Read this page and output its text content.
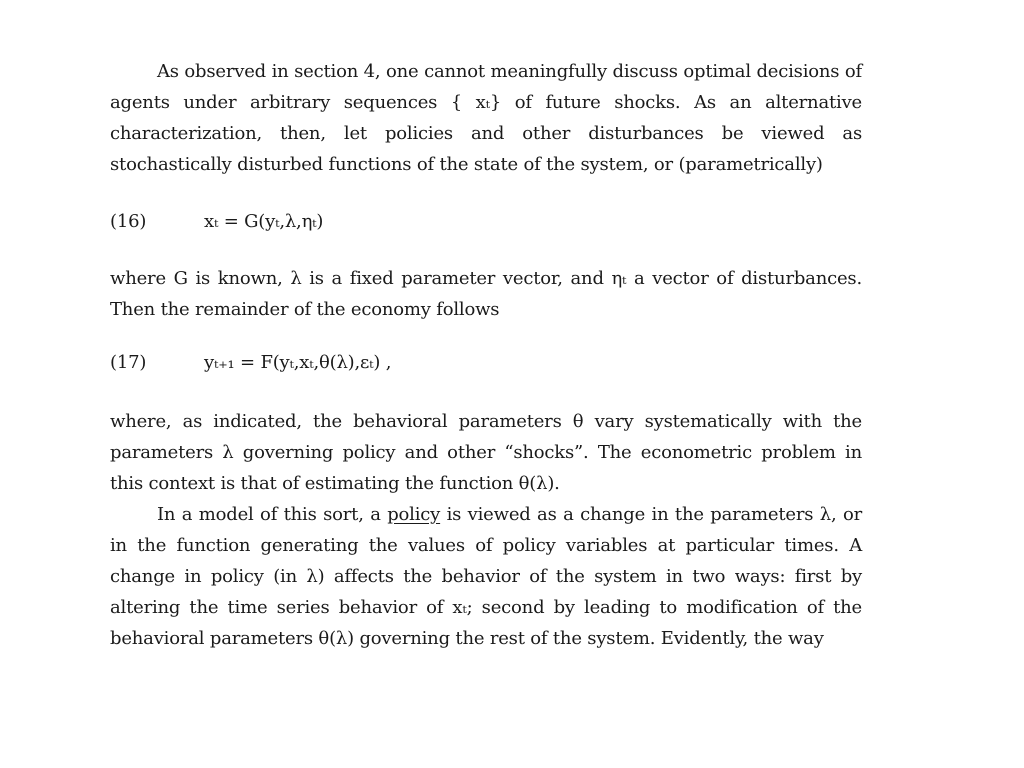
As observed in section 4, one cannot meaningfully discuss optimal decisions of agents under arbitrary sequences { xₜ} of future shocks. As an alternative characterization, then, let policies and other disturbances be viewed as stochastically disturbed functions of the state of the system, or (parametrically)

(16)	xₜ = G(yₜ,λ,ηₜ)

where G is known, λ is a fixed parameter vector, and ηₜ a vector of disturbances. Then the remainder of the economy follows

(17)	yₜ₊₁ = F(yₜ,xₜ,θ(λ),εₜ) ,

where, as indicated, the behavioral parameters θ vary systematically with the parameters λ governing policy and other “shocks”. The econometric problem in this context is that of estimating the function θ(λ).

In a model of this sort, a policy is viewed as a change in the parameters λ, or in the function generating the values of policy variables at particular times. A change in policy (in λ) affects the behavior of the system in two ways: first by altering the time series behavior of xₜ; second by leading to modification of the behavioral parameters θ(λ) governing the rest of the system. Evidently, the way
